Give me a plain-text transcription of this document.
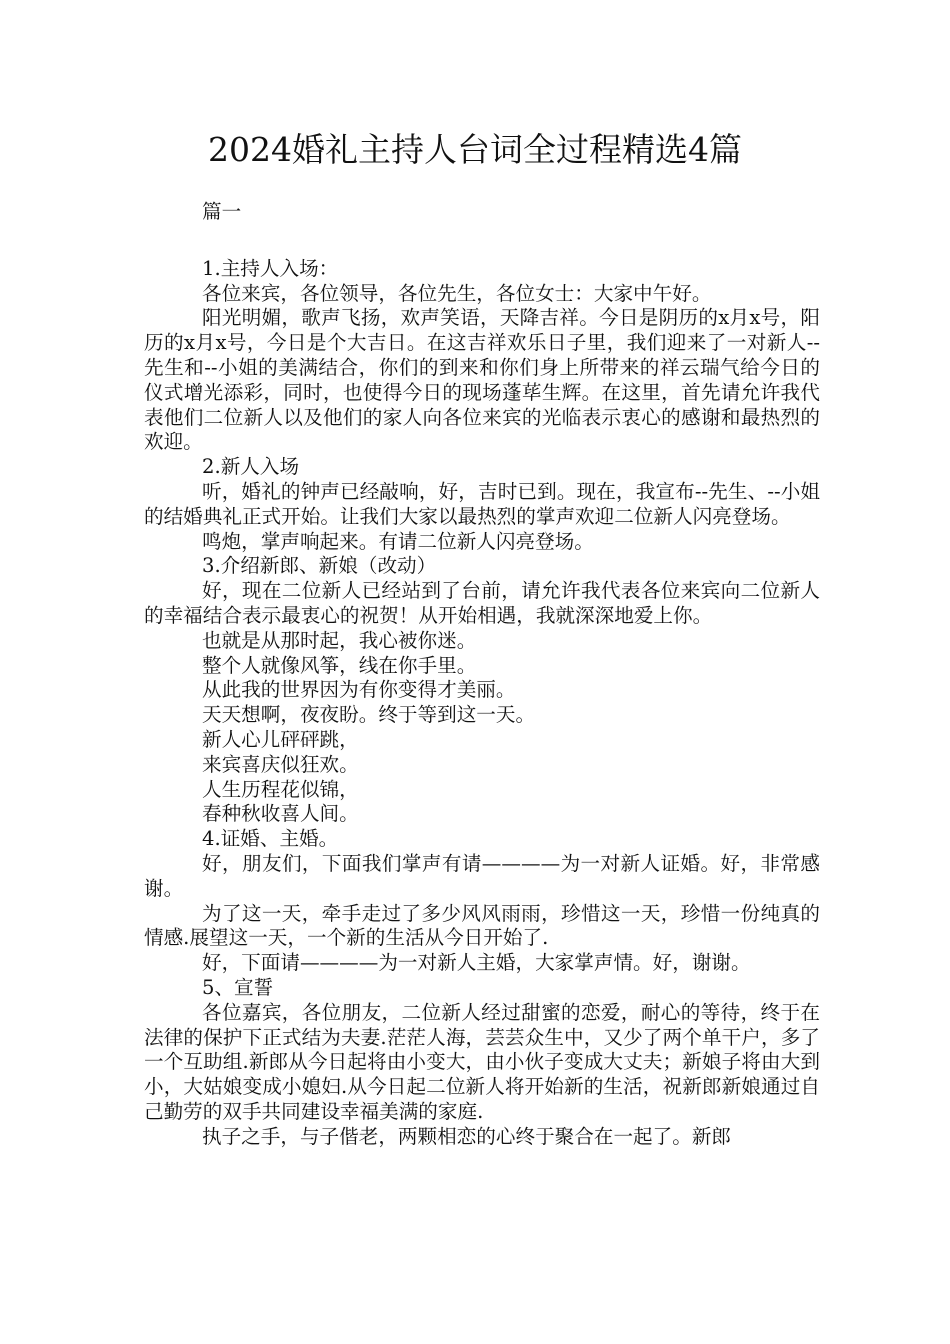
2024婚礼主持人台词全过程精选4篇

篇一

1.主持人入场：

各位来宾，各位领导，各位先生，各位女士：大家中午好。

阳光明媚，歌声飞扬，欢声笑语，天降吉祥。今日是阴历的x月x号，阳历的x月x号，今日是个大吉日。在这吉祥欢乐日子里，我们迎来了一对新人--先生和--小姐的美满结合，你们的到来和你们身上所带来的祥云瑞气给今日的仪式增光添彩，同时，也使得今日的现场蓬荜生辉。在这里，首先请允许我代表他们二位新人以及他们的家人向各位来宾的光临表示衷心的感谢和最热烈的欢迎。

2.新人入场

听，婚礼的钟声已经敲响，好，吉时已到。现在，我宣布--先生、--小姐的结婚典礼正式开始。让我们大家以最热烈的掌声欢迎二位新人闪亮登场。

鸣炮，掌声响起来。有请二位新人闪亮登场。

3.介绍新郎、新娘（改动）

好，现在二位新人已经站到了台前，请允许我代表各位来宾向二位新人的幸福结合表示最衷心的祝贺！从开始相遇，我就深深地爱上你。

也就是从那时起，我心被你迷。

整个人就像风筝，线在你手里。

从此我的世界因为有你变得才美丽。

天天想啊，夜夜盼。终于等到这一天。

新人心儿砰砰跳，

来宾喜庆似狂欢。

人生历程花似锦，

春种秋收喜人间。

4.证婚、主婚。

好，朋友们，下面我们掌声有请————为一对新人证婚。好，非常感谢。

为了这一天，牵手走过了多少风风雨雨，珍惜这一天，珍惜一份纯真的情感.展望这一天，一个新的生活从今日开始了.

好，下面请————为一对新人主婚，大家掌声情。好，谢谢。

5、宣誓

各位嘉宾，各位朋友，二位新人经过甜蜜的恋爱，耐心的等待，终于在法律的保护下正式结为夫妻.茫茫人海，芸芸众生中，又少了两个单干户，多了一个互助组.新郎从今日起将由小变大，由小伙子变成大丈夫；新娘子将由大到小，大姑娘变成小媳妇.从今日起二位新人将开始新的生活，祝新郎新娘通过自己勤劳的双手共同建设幸福美满的家庭.

执子之手，与子偕老，两颗相恋的心终于聚合在一起了。新郎
